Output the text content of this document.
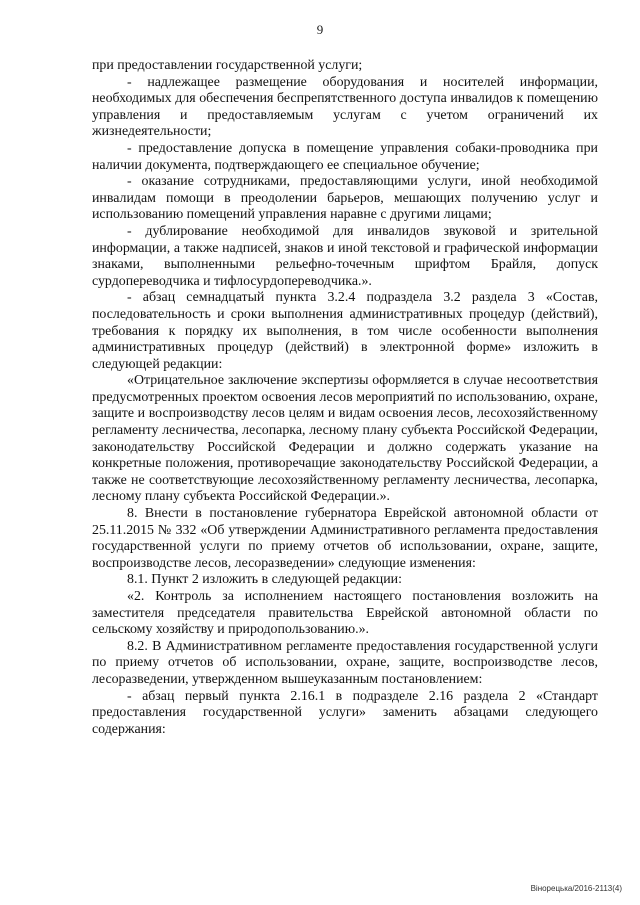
9

при предоставлении государственной услуги;

- надлежащее размещение оборудования и носителей информации, необходимых для обеспечения беспрепятственного доступа инвалидов к помещению управления и предоставляемым услугам с учетом ограничений их жизнедеятельности;

- предоставление допуска в помещение управления собаки-проводника при наличии документа, подтверждающего ее специальное обучение;

- оказание сотрудниками, предоставляющими услуги, иной необходимой инвалидам помощи в преодолении барьеров, мешающих получению услуг и использованию помещений управления наравне с другими лицами;

- дублирование необходимой для инвалидов звуковой и зрительной информации, а также надписей, знаков и иной текстовой и графической информации знаками, выполненными рельефно-точечным шрифтом Брайля, допуск сурдопереводчика и тифлосурдопереводчика.».

- абзац семнадцатый пункта 3.2.4 подраздела 3.2 раздела 3 «Состав, последовательность и сроки выполнения административных процедур (действий), требования к порядку их выполнения, в том числе особенности выполнения административных процедур (действий) в электронной форме» изложить в следующей редакции:

«Отрицательное заключение экспертизы оформляется в случае несоответствия предусмотренных проектом освоения лесов мероприятий по использованию, охране, защите и воспроизводству лесов целям и видам освоения лесов, лесохозяйственному регламенту лесничества, лесопарка, лесному плану субъекта Российской Федерации, законодательству Российской Федерации и должно содержать указание на конкретные положения, противоречащие законодательству Российской Федерации, а также не соответствующие лесохозяйственному регламенту лесничества, лесопарка, лесному плану субъекта Российской Федерации.».

8. Внести в постановление губернатора Еврейской автономной области от 25.11.2015 № 332 «Об утверждении Административного регламента предоставления государственной услуги по приему отчетов об использовании, охране, защите, воспроизводстве лесов, лесоразведении» следующие изменения:

8.1. Пункт 2 изложить в следующей редакции:

«2. Контроль за исполнением настоящего постановления возложить на заместителя председателя правительства Еврейской автономной области по сельскому хозяйству и природопользованию.».

8.2. В Административном регламенте предоставления государственной услуги по приему отчетов об использовании, охране, защите, воспроизводстве лесов, лесоразведении, утвержденном вышеуказанным постановлением:

- абзац первый пункта 2.16.1 в подразделе 2.16 раздела 2 «Стандарт предоставления государственной услуги» заменить абзацами следующего содержания:

Вінорецька/2016-2113(4)
